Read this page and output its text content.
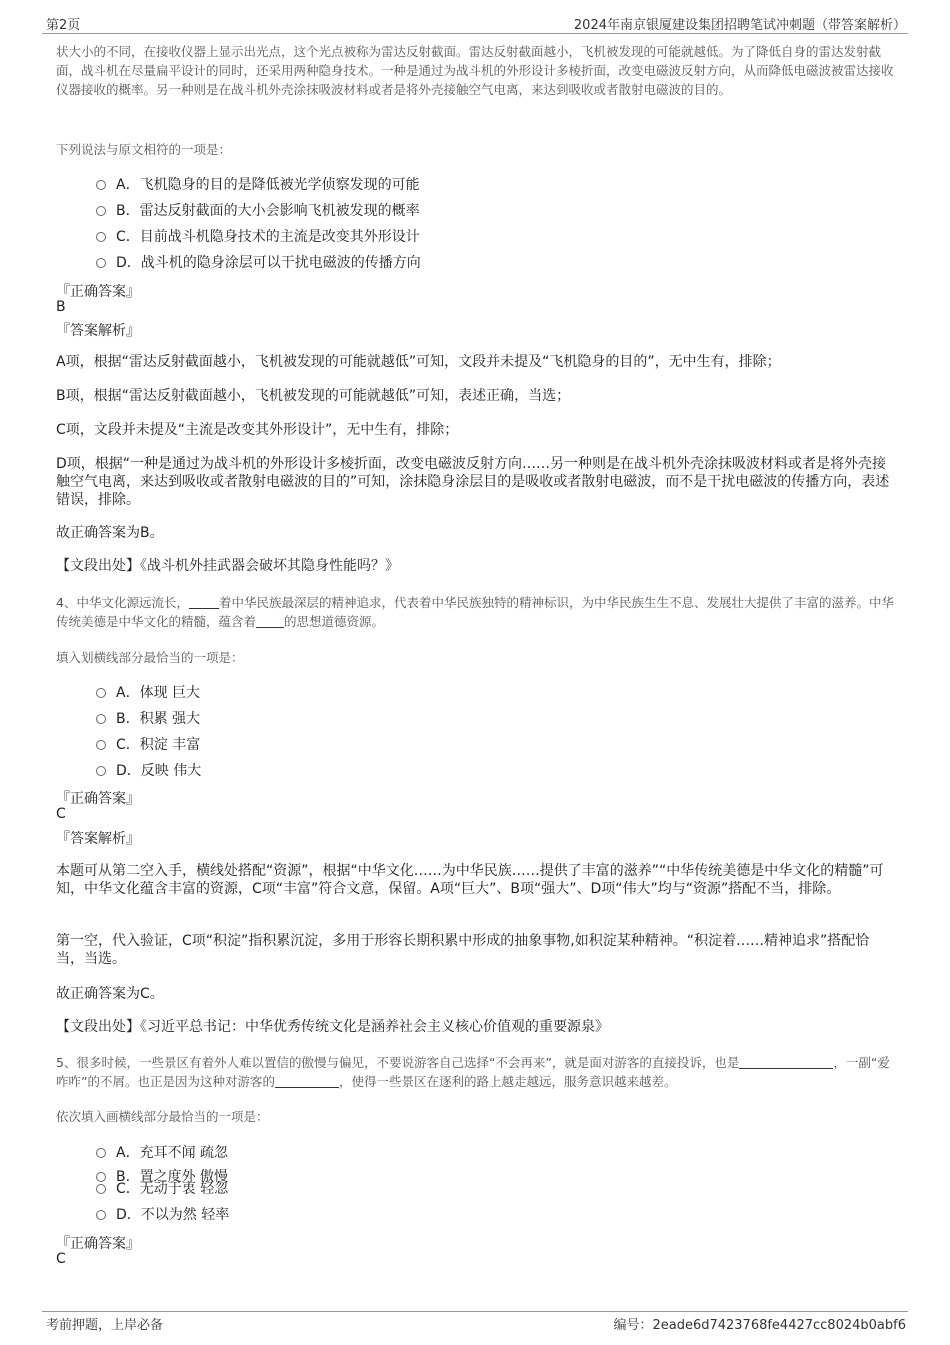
第2页	2024年南京银厦建设集团招聘笔试冲刺题（带答案解析）
状大小的不同，在接收仪器上显示出光点，这个光点被称为雷达反射截面。雷达反射截面越小，飞机被发现的可能就越低。为了降低自身的雷达发射截面，战斗机在尽量扁平设计的同时，还采用两种隐身技术。一种是通过为战斗机的外形设计多棱折面，改变电磁波反射方向，从而降低电磁波被雷达接收仪器接收的概率。另一种则是在战斗机外壳涂抹吸波材料或者是将外壳接触空气电离，来达到吸收或者散射电磁波的目的。
下列说法与原文相符的一项是：
A．飞机隐身的目的是降低被光学侦察发现的可能
B．雷达反射截面的大小会影响飞机被发现的概率
C．目前战斗机隐身技术的主流是改变其外形设计
D．战斗机的隐身涂层可以干扰电磁波的传播方向
『正确答案』
B
『答案解析』
A项，根据“雷达反射截面越小，飞机被发现的可能就越低”可知，文段并未提及“飞机隐身的目的”，无中生有，排除；
B项，根据“雷达反射截面越小，飞机被发现的可能就越低”可知，表述正确，当选；
C项，文段并未提及“主流是改变其外形设计”，无中生有，排除；
D项，根据“一种是通过为战斗机的外形设计多棱折面，改变电磁波反射方向……另一种则是在战斗机外壳涂抹吸波材料或者是将外壳接触空气电离，来达到吸收或者散射电磁波的目的”可知，涂抹隐身涂层目的是吸收或者散射电磁波，而不是干扰电磁波的传播方向，表述错误，排除。
故正确答案为B。
【文段出处】《战斗机外挂武器会破坏其隐身性能吗？》
4、中华文化源远流长， 着中华民族最深层的精神追求，代表着中华民族独特的精神标识，为中华民族生生不息、发展壮大提供了丰富的滋养。中华传统美德是中华文化的精髓，蕴含着 的思想道德资源。
填入划横线部分最恰当的一项是：
A．体现 巨大
B．积累 强大
C．积淀 丰富
D．反映 伟大
『正确答案』
C
『答案解析』
本题可从第二空入手，横线处搭配“资源”，根据“中华文化……为中华民族……提供了丰富的滋养”“中华传统美德是中华文化的精髓”可知，中华文化蕴含丰富的资源，C项“丰富”符合文意，保留。A项“巨大”、B项“强大”、D项“伟大”均与“资源”搭配不当，排除。
第一空，代入验证，C项“积淀”指积累沉淀，多用于形容长期积累中形成的抽象事物,如积淀某种精神。“积淀着……精神追求”搭配恰当，当选。
故正确答案为C。
【文段出处】《习近平总书记：中华优秀传统文化是涵养社会主义核心价值观的重要源泉》
5、很多时候，一些景区有着外人难以置信的傲慢与偏见，不要说游客自己选择“不会再来”，就是面对游客的直接投诉，也是	，一副“爱咋咋”的不屑。也正是因为这种对游客的	，使得一些景区在逐利的路上越走越远，服务意识越来越差。
依次填入画横线部分最恰当的一项是：
A．充耳不闻 疏忽
B．置之度外 傲慢
C．无动于衷 轻忽
D．不以为然 轻率
『正确答案』
C
考前押题，上岸必备	编号：2eade6d7423768fe4427cc8024b0abf6
